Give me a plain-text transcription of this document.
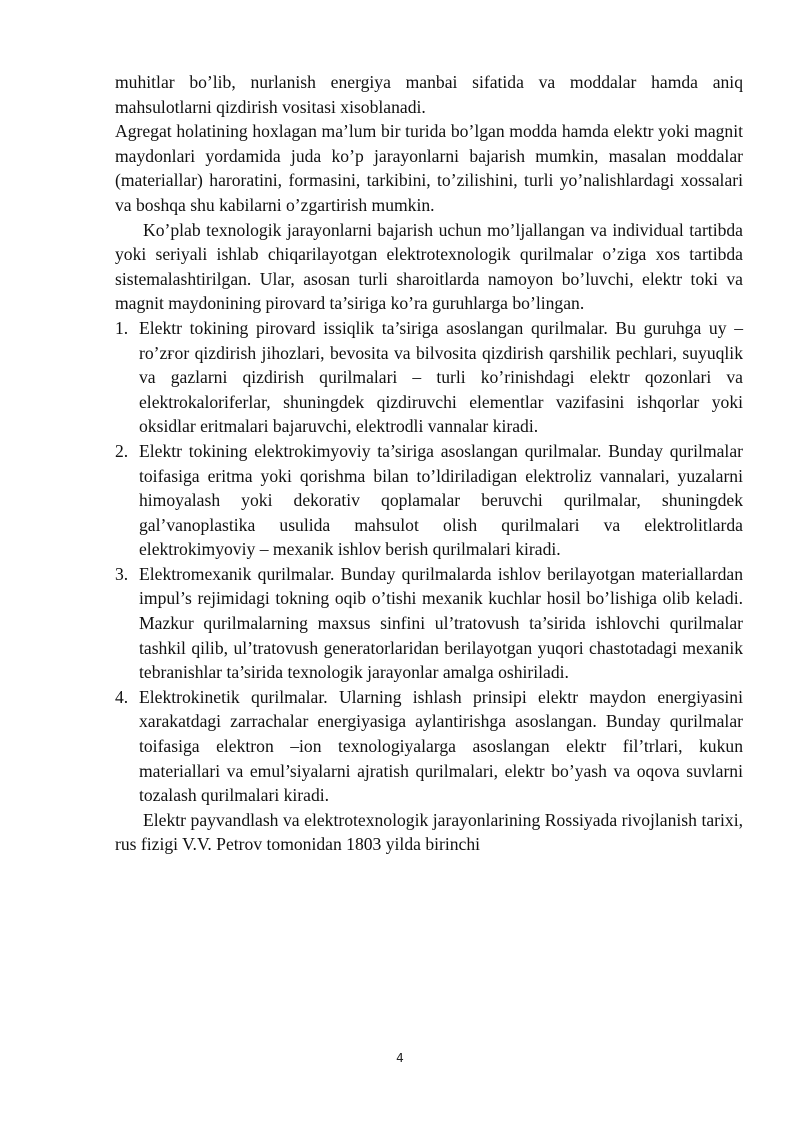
muhitlar bo’lib, nurlanish energiya manbai sifatida va moddalar hamda aniq mahsulotlarni qizdirish vositasi xisoblanadi.

Agregat holatining hoxlagan ma’lum bir turida bo’lgan modda hamda elektr yoki magnit maydonlari yordamida juda ko’p jarayonlarni bajarish mumkin, masalan moddalar (materiallar) haroratini, formasini, tarkibini, to’zilishini, turli yo’nalishlardagi xossalari va boshqa shu kabilarni o’zgartirish mumkin.

Ko’plab texnologik jarayonlarni bajarish uchun mo’ljallangan va individual tartibda yoki seriyali ishlab chiqarilayotgan elektrotexnologik qurilmalar o’ziga xos tartibda sistemalashtirilgan. Ular, asosan turli sharoitlarda namoyon bo’luvchi, elektr toki va magnit maydonining pirovard ta’siriga ko’ra guruhlarga bo’lingan.

1. Elektr tokining pirovard issiqlik ta’siriga asoslangan qurilmalar. Bu guruhga uy –ro’zғor qizdirish jihozlari, bevosita va bilvosita qizdirish qarshilik pechlari, suyuqlik va gazlarni qizdirish qurilmalari – turli ko’rinishdagi elektr qozonlari va elektrokaloriferlar, shuningdek qizdiruvchi elementlar vazifasini ishqorlar yoki oksidlar eritmalari bajaruvchi, elektrodli vannalar kiradi.
2. Elektr tokining elektrokimyoviy ta’siriga asoslangan qurilmalar. Bunday qurilmalar toifasiga eritma yoki qorishma bilan to’ldiriladigan elektroliz vannalari, yuzalarni himoyalash yoki dekorativ qoplamalar beruvchi qurilmalar, shuningdek gal’vanoplastika usulida mahsulot olish qurilmalari va elektrolitlarda elektrokimyoviy – mexanik ishlov berish qurilmalari kiradi.
3. Elektromexanik qurilmalar. Bunday qurilmalarda ishlov berilayotgan materiallardan impul’s rejimidagi tokning oqib o’tishi mexanik kuchlar hosil bo’lishiga olib keladi. Mazkur qurilmalarning maxsus sinfini ul’tratovush ta’sirida ishlovchi qurilmalar tashkil qilib, ul’tratovush generatorlaridan berilayotgan yuqori chastotadagi mexanik tebranishlar ta’sirida texnologik jarayonlar amalga oshiriladi.
4. Elektrokinetik qurilmalar. Ularning ishlash prinsipi elektr maydon energiyasini xarakatdagi zarrachalar energiyasiga aylantirishga asoslangan. Bunday qurilmalar toifasiga elektron –ion texnologiyalarga asoslangan elektr fil’trlari, kukun materiallari va emul’siyalarni ajratish qurilmalari, elektr bo’yash va oqova suvlarni tozalash qurilmalari kiradi.

Elektr payvandlash va elektrotexnologik jarayonlarining Rossiyada rivojlanish tarixi, rus fizigi V.V. Petrov tomonidan 1803 yilda birinchi

4
